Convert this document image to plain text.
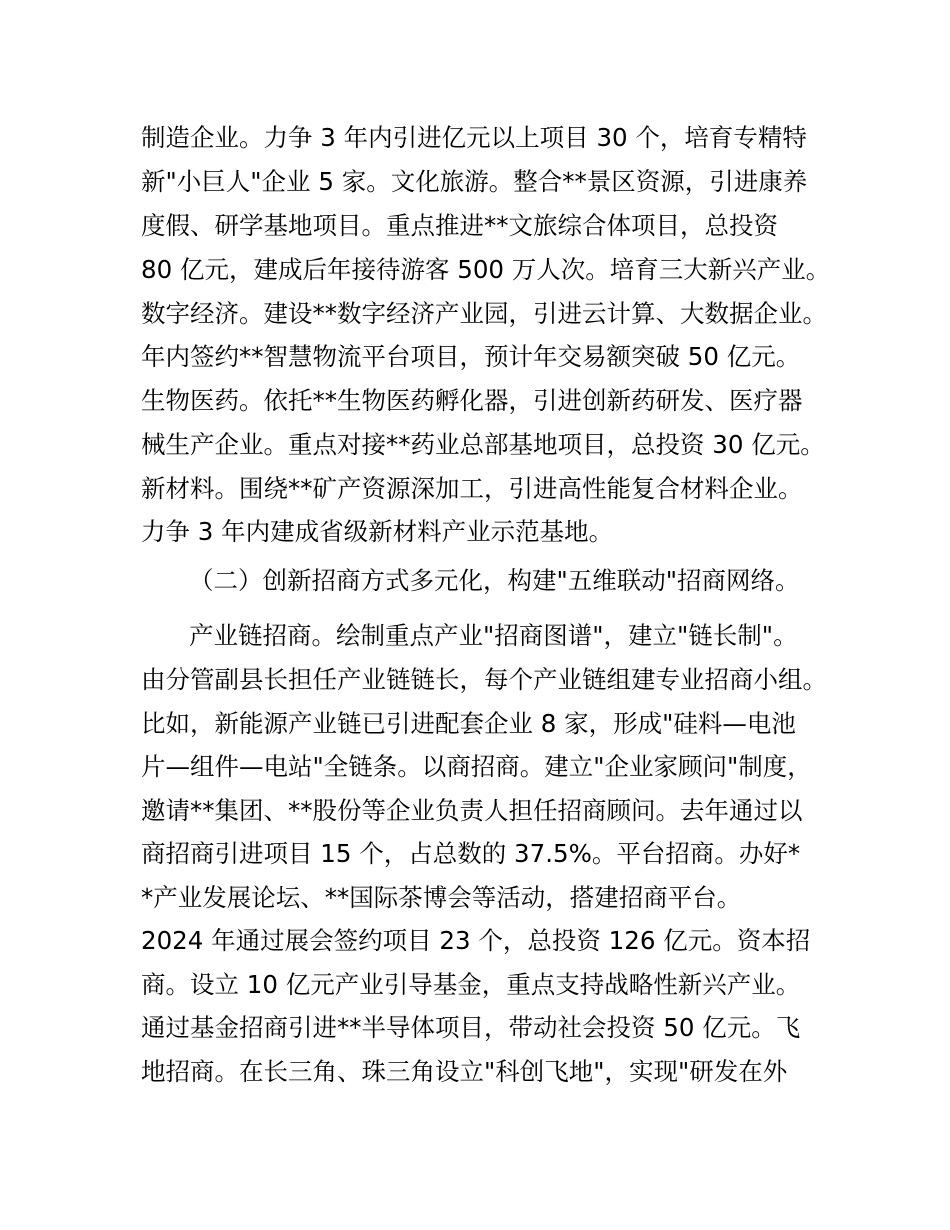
制造企业。力争 3 年内引进亿元以上项目 30 个，培育专精特
新"小巨人"企业 5 家。文化旅游。整合**景区资源，引进康养
度假、研学基地项目。重点推进**文旅综合体项目，总投资
80 亿元，建成后年接待游客 500 万人次。培育三大新兴产业。
数字经济。建设**数字经济产业园，引进云计算、大数据企业。
年内签约**智慧物流平台项目，预计年交易额突破 50 亿元。
生物医药。依托**生物医药孵化器，引进创新药研发、医疗器
械生产企业。重点对接**药业总部基地项目，总投资 30 亿元。
新材料。围绕**矿产资源深加工，引进高性能复合材料企业。
力争 3 年内建成省级新材料产业示范基地。
（二）创新招商方式多元化，构建"五维联动"招商网络。
产业链招商。绘制重点产业"招商图谱"，建立"链长制"。
由分管副县长担任产业链链长，每个产业链组建专业招商小组。
比如，新能源产业链已引进配套企业 8 家，形成"硅料—电池
片—组件—电站"全链条。以商招商。建立"企业家顾问"制度，
邀请**集团、**股份等企业负责人担任招商顾问。去年通过以
商招商引进项目 15 个，占总数的 37.5%。平台招商。办好*
*产业发展论坛、**国际茶博会等活动，搭建招商平台。
2024 年通过展会签约项目 23 个，总投资 126 亿元。资本招
商。设立 10 亿元产业引导基金，重点支持战略性新兴产业。
通过基金招商引进**半导体项目，带动社会投资 50 亿元。飞
地招商。在长三角、珠三角设立"科创飞地"，实现"研发在外
